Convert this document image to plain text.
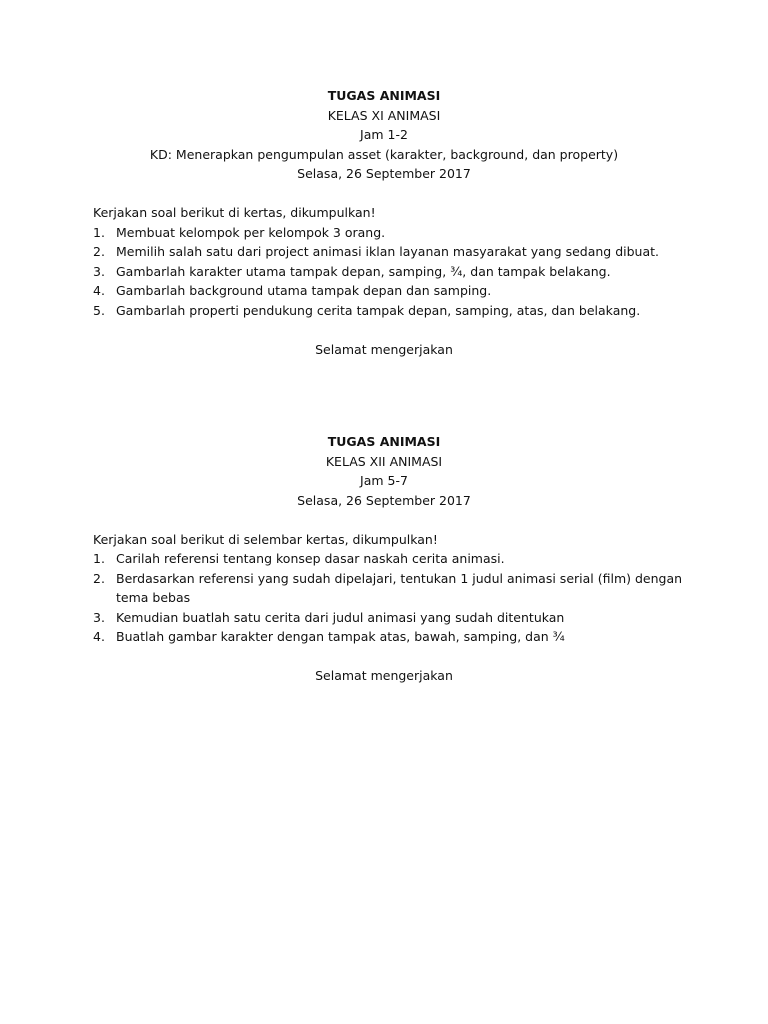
TUGAS ANIMASI
KELAS XI ANIMASI
Jam 1-2
KD: Menerapkan pengumpulan asset (karakter, background, dan property)
Selasa, 26 September 2017
Kerjakan soal berikut di kertas, dikumpulkan!
1. Membuat kelompok per kelompok 3 orang.
2. Memilih salah satu dari project animasi iklan layanan masyarakat yang sedang dibuat.
3. Gambarlah karakter utama tampak depan, samping, ¾, dan tampak belakang.
4. Gambarlah background utama tampak depan dan samping.
5. Gambarlah properti pendukung cerita tampak depan, samping, atas, dan belakang.
Selamat mengerjakan
TUGAS ANIMASI
KELAS XII ANIMASI
Jam 5-7
Selasa, 26 September 2017
Kerjakan soal berikut di selembar kertas, dikumpulkan!
1. Carilah referensi tentang konsep dasar naskah cerita animasi.
2. Berdasarkan referensi yang sudah dipelajari, tentukan 1 judul animasi serial (film) dengan tema bebas
3. Kemudian buatlah satu cerita dari judul animasi yang sudah ditentukan
4. Buatlah gambar karakter dengan tampak atas, bawah, samping, dan ¾
Selamat mengerjakan
